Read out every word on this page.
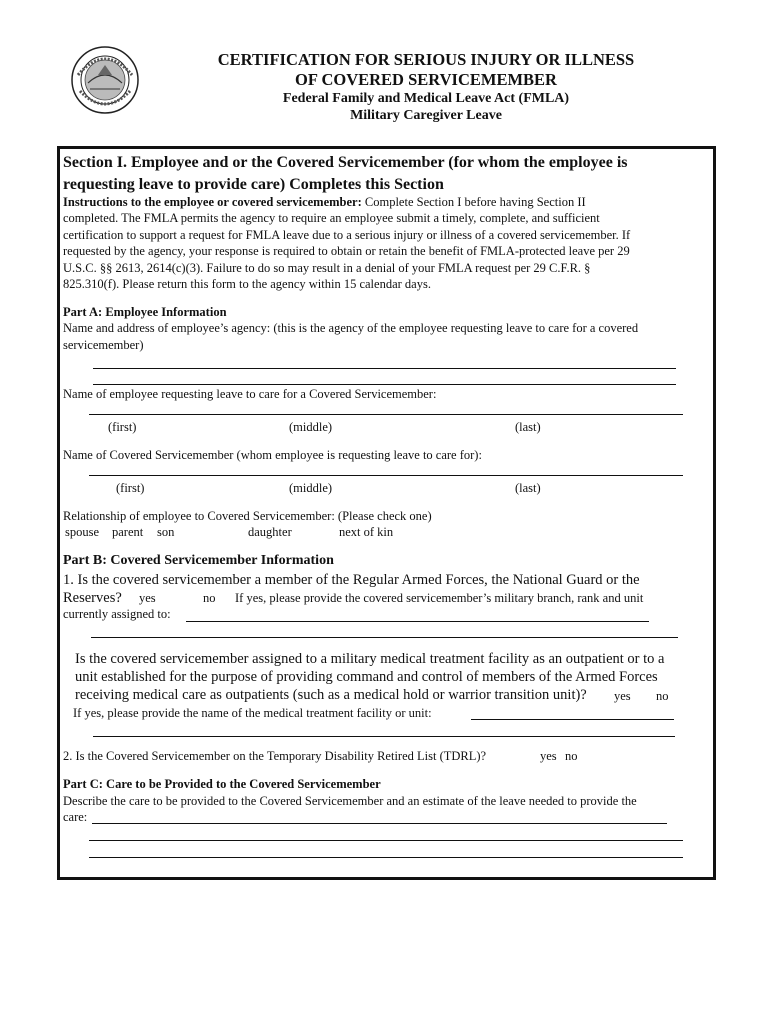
CERTIFICATION FOR SERIOUS INJURY OR ILLNESS
OF COVERED SERVICEMEMBER
Federal Family and Medical Leave Act (FMLA)
Military Caregiver Leave
Section I. Employee and or the Covered Servicemember (for whom the employee is
requesting leave to provide care) Completes this Section
Instructions to the employee or covered servicemember: Complete Section I before having Section II
completed. The FMLA permits the agency to require an employee submit a timely, complete, and sufficient
certification to support a request for FMLA leave due to a serious injury or illness of a covered servicemember. If
requested by the agency, your response is required to obtain or retain the benefit of FMLA-protected leave per 29
U.S.C. §§ 2613, 2614(c)(3). Failure to do so may result in a denial of your FMLA request per 29 C.F.R. §
825.310(f). Please return this form to the agency within 15 calendar days.
Part A: Employee Information
Name and address of employee’s agency: (this is the agency of the employee requesting leave to care for a covered
servicemember)
Name of employee requesting leave to care for a Covered Servicemember:
(first)	(middle)	(last)
Name of Covered Servicemember (whom employee is requesting leave to care for):
(first)	(middle)	(last)
Relationship of employee to Covered Servicemember: (Please check one)
spouse parent son	daughter	next of kin
Part B: Covered Servicemember Information
1. Is the covered servicemember a member of the Regular Armed Forces, the National Guard or the
Reserves? yes	no If yes, please provide the covered servicemember’s military branch, rank and unit
currently assigned to:
Is the covered servicemember assigned to a military medical treatment facility as an outpatient or to a
unit established for the purpose of providing command and control of members of the Armed Forces
receiving medical care as outpatients (such as a medical hold or warrior transition unit)? yes no
If yes, please provide the name of the medical treatment facility or unit:
2. Is the Covered Servicemember on the Temporary Disability Retired List (TDRL)?	yes no
Part C: Care to be Provided to the Covered Servicemember
Describe the care to be provided to the Covered Servicemember and an estimate of the leave needed to provide the
care:
